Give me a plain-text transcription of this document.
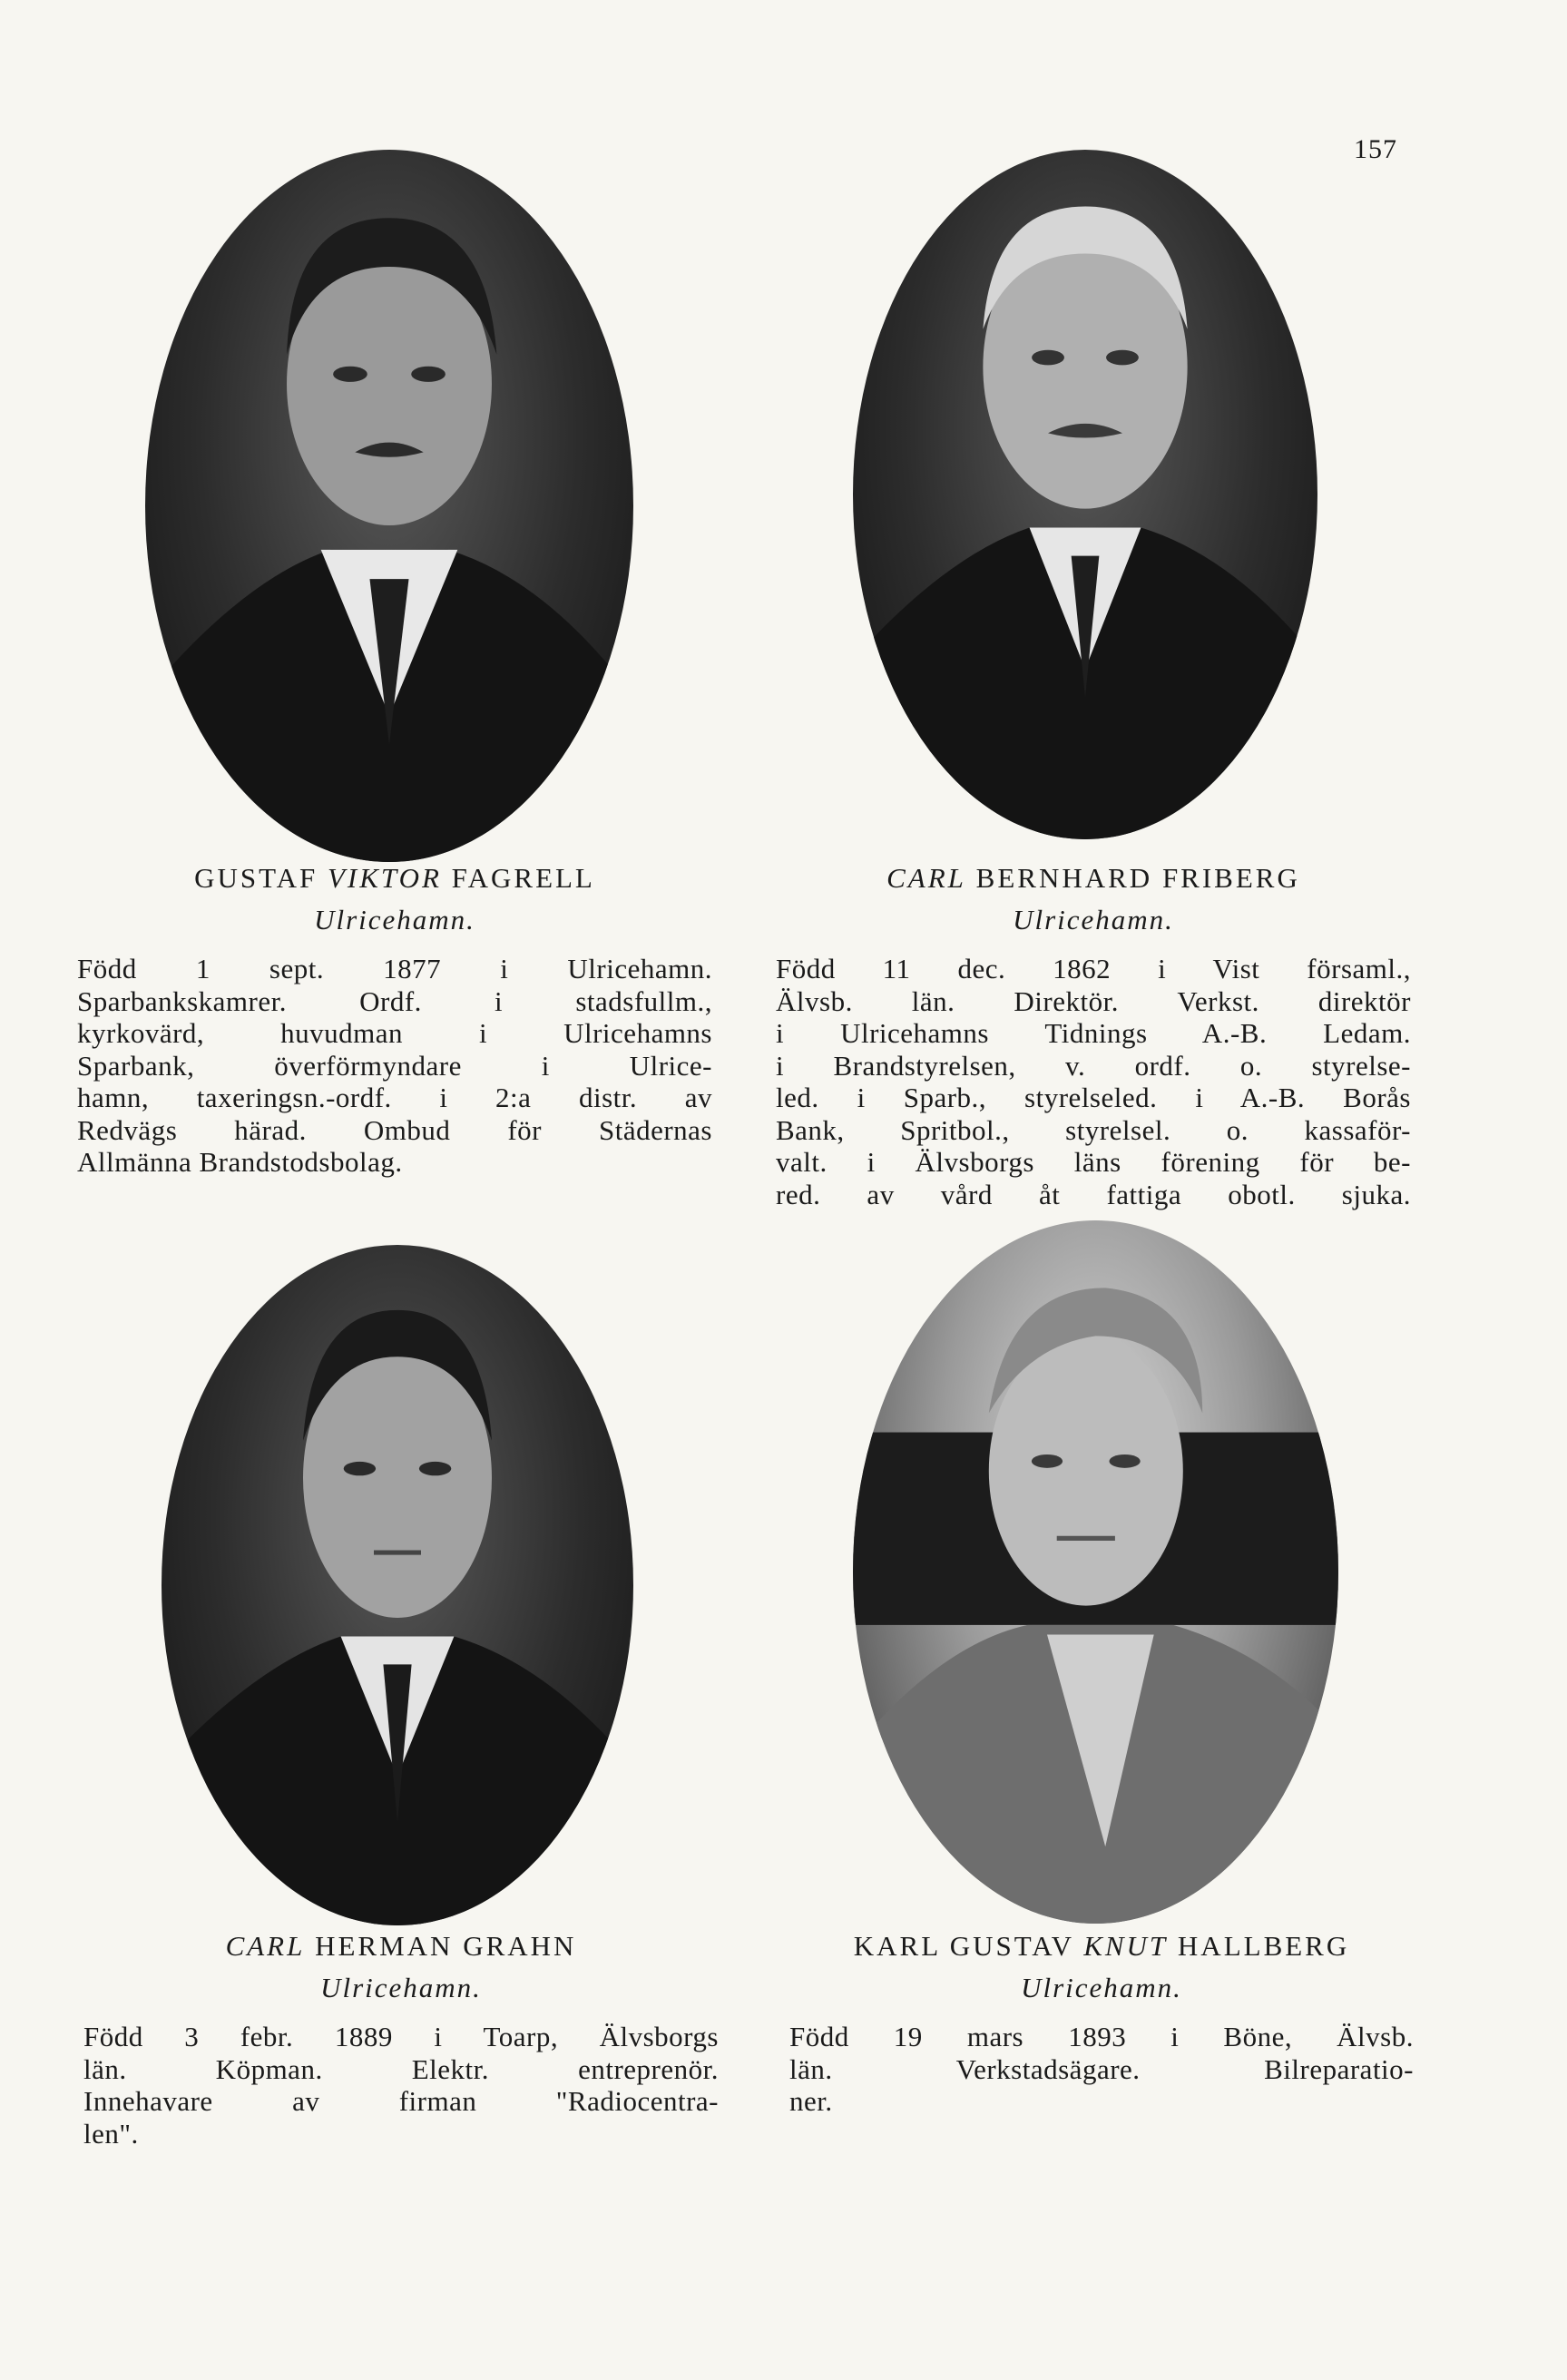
157
GUSTAF VIKTOR FAGRELL
Ulricehamn.
Född 1 sept. 1877 i Ulricehamn.
Sparbankskamrer. Ordf. i stadsfullm.,
kyrkovärd, huvudman i Ulricehamns
Sparbank, överförmyndare i Ulrice-
hamn, taxeringsn.-ordf. i 2:a distr. av
Redvägs härad. Ombud för Städernas
Allmänna Brandstodsbolag.
CARL BERNHARD FRIBERG
Ulricehamn.
Född 11 dec. 1862 i Vist församl.,
Älvsb. län. Direktör. Verkst. direktör
i Ulricehamns Tidnings A.-B. Ledam.
i Brandstyrelsen, v. ordf. o. styrelse-
led. i Sparb., styrelseled. i A.-B. Borås
Bank, Spritbol., styrelsel. o. kassaför-
valt. i Älvsborgs läns förening för be-
red. av vård åt fattiga obotl. sjuka.
CARL HERMAN GRAHN
Ulricehamn.
Född 3 febr. 1889 i Toarp, Älvsborgs
län. Köpman. Elektr. entreprenör.
Innehavare av firman "Radiocentra-
len".
KARL GUSTAV KNUT HALLBERG
Ulricehamn.
Född 19 mars 1893 i Böne, Älvsb.
län. Verkstadsägare. Bilreparatio-
ner.
